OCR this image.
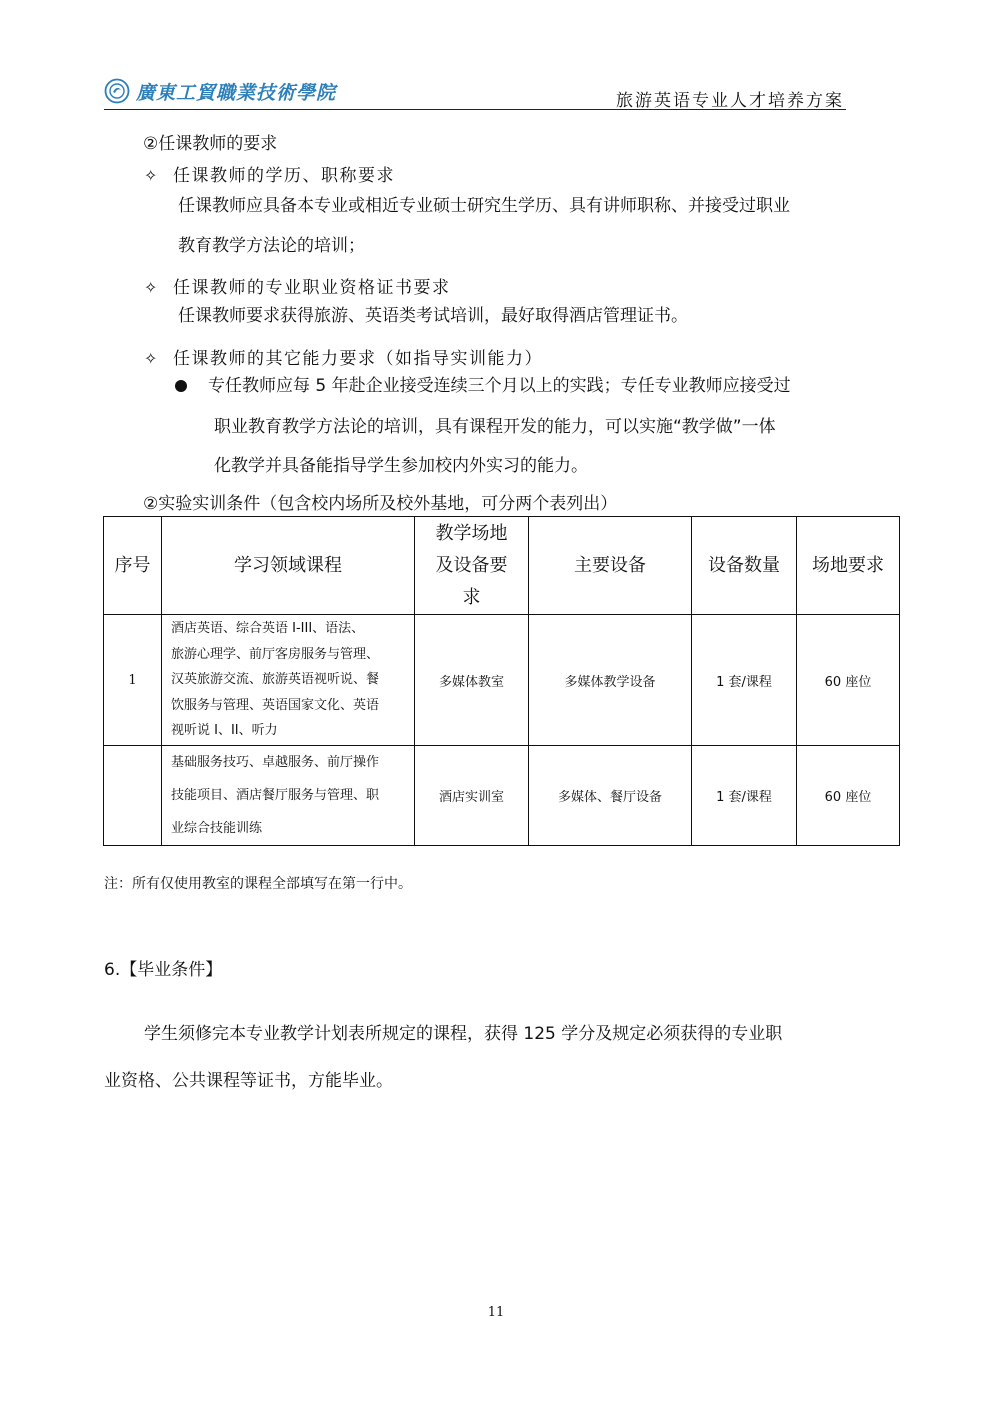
廣東工貿職業技術學院	旅游英语专业人才培养方案
②任课教师的要求
✧ 任课教师的学历、职称要求
任课教师应具备本专业或相近专业硕士研究生学历、具有讲师职称、并接受过职业
教育教学方法论的培训；
✧ 任课教师的专业职业资格证书要求
任课教师要求获得旅游、英语类考试培训，最好取得酒店管理证书。
✧ 任课教师的其它能力要求（如指导实训能力）
专任教师应每 5 年赴企业接受连续三个月以上的实践；专任专业教师应接受过
职业教育教学方法论的培训，具有课程开发的能力，可以实施“教学做”一体
化教学并具备能指导学生参加校内外实习的能力。
②实验实训条件（包含校内场所及校外基地，可分两个表列出）
序号	学习领域课程	教学场地
及设备要
求	主要设备	设备数量	场地要求
1	酒店英语、综合英语 I-III、语法、
旅游心理学、前厅客房服务与管理、
汉英旅游交流、旅游英语视听说、餐
饮服务与管理、英语国家文化、英语
视听说 I、II、听力	多媒体教室	多媒体教学设备	1 套/课程	60 座位

	基础服务技巧、卓越服务、前厅操作
技能项目、酒店餐厅服务与管理、职
业综合技能训练	酒店实训室	多媒体、餐厅设备	1 套/课程	60 座位
注：所有仅使用教室的课程全部填写在第一行中。
6.【毕业条件】
学生须修完本专业教学计划表所规定的课程，获得 125 学分及规定必须获得的专业职
业资格、公共课程等证书，方能毕业。
11
